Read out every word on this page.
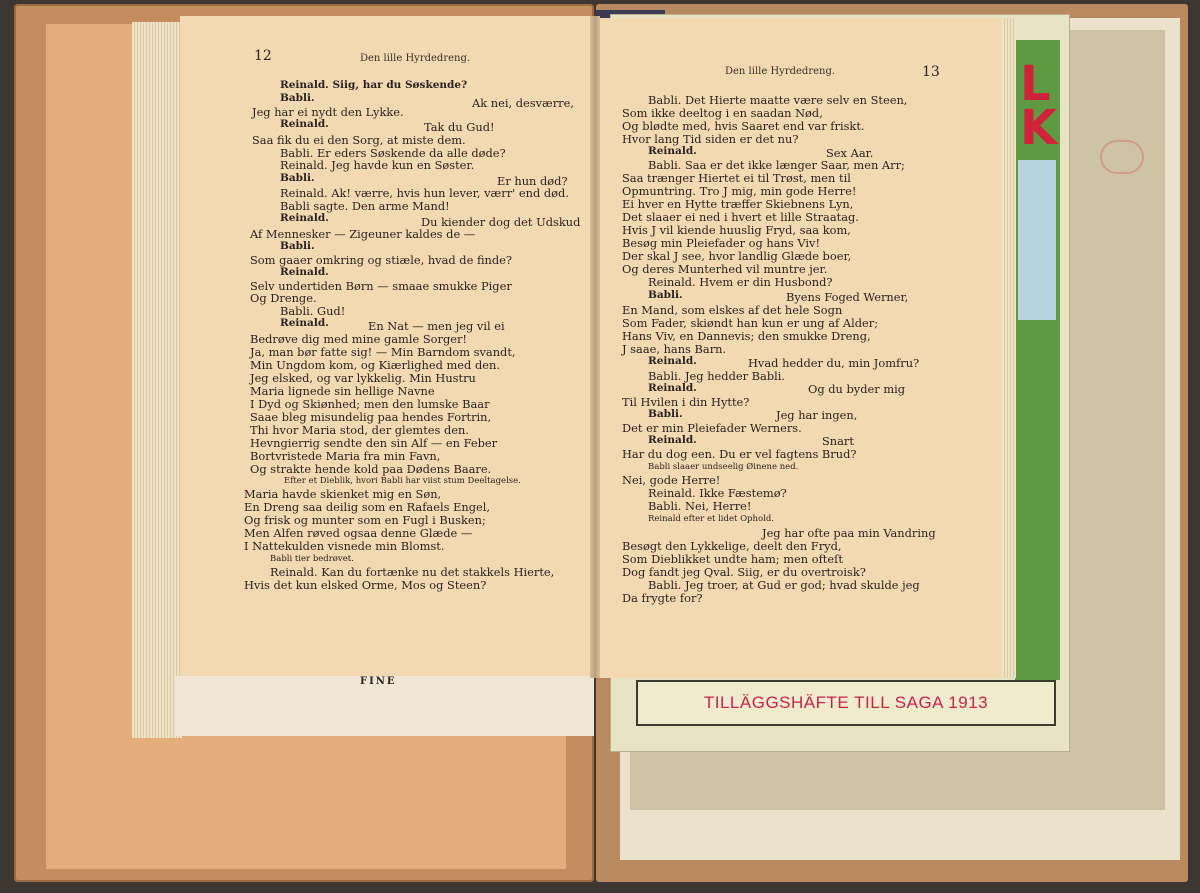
L
K
TILLÄGGSHÄFTE TILL SAGA 1913
12	Den lille Hyrdedreng.
Den lille Hyrdedreng.	13
FINE
Reinald. Siig, har du Søskende?
Babli.	Ak nei, desværre,
Jeg har ei nydt den Lykke.
Reinald.	Tak du Gud!
Saa fik du ei den Sorg, at miste dem.
Babli. Er eders Søskende da alle døde?
Reinald. Jeg havde kun en Søster.
Babli.	Er hun død?
Reinald. Ak! værre, hvis hun lever, værr' end død.
Babli sagte. Den arme Mand!
Reinald.	Du kiender dog det Udskud
Af Mennesker — Zigeuner kaldes de —
Babli.
Som gaaer omkring og stiæle, hvad de finde?
Reinald.
Selv undertiden Børn — smaae smukke Piger
Og Drenge.
Babli. Gud!
Reinald.	En Nat — men jeg vil ei
Bedrøve dig med mine gamle Sorger!
Ja, man bør fatte sig! — Min Barndom svandt,
Min Ungdom kom, og Kiærlighed med den.
Jeg elsked, og var lykkelig. Min Hustru
Maria lignede sin hellige Navne
I Dyd og Skiønhed; men den lumske Baar
Saae bleg misundelig paa hendes Fortrin,
Thi hvor Maria stod, der glemtes den.
Hevngierrig sendte den sin Alf — en Feber
Bortvristede Maria fra min Favn,
Og strakte hende kold paa Dødens Baare.
Efter et Dieblik, hvori Babli har viist stum Deeltagelse.
Maria havde skienket mig en Søn,
En Dreng saa deilig som en Rafaels Engel,
Og frisk og munter som en Fugl i Busken;
Men Alfen røved ogsaa denne Glæde —
I Nattekulden visnede min Blomst.
Babli tier bedrøvet.
Reinald. Kan du fortænke nu det stakkels Hierte,
Hvis det kun elsked Orme, Mos og Steen?
Babli. Det Hierte maatte være selv en Steen,
Som ikke deeltog i en saadan Nød,
Og blødte med, hvis Saaret end var friskt.
Hvor lang Tid siden er det nu?
Reinald.	Sex Aar.
Babli. Saa er det ikke længer Saar, men Arr;
Saa trænger Hiertet ei til Trøst, men til
Opmuntring. Tro J mig, min gode Herre!
Ei hver en Hytte træffer Skiebnens Lyn,
Det slaaer ei ned i hvert et lille Straatag.
Hvis J vil kiende huuslig Fryd, saa kom,
Besøg min Pleiefader og hans Viv!
Der skal J see, hvor landlig Glæde boer,
Og deres Munterhed vil muntre jer.
Reinald. Hvem er din Husbond?
Babli.	Byens Foged Werner,
En Mand, som elskes af det hele Sogn
Som Fader, skiøndt han kun er ung af Alder;
Hans Viv, en Dannevis; den smukke Dreng,
J saae, hans Barn.
Reinald.	Hvad hedder du, min Jomfru?
Babli. Jeg hedder Babli.
Reinald.	Og du byder mig
Til Hvilen i din Hytte?
Babli.	Jeg har ingen,
Det er min Pleiefader Werners.
Reinald.	Snart
Har du dog een. Du er vel fagtens Brud?
Babli slaaer undseelig Øinene ned.
Nei, gode Herre!
Reinald. Ikke Fæstemø?
Babli. Nei, Herre!
Reinald efter et lidet Ophold.
Jeg har ofte paa min Vandring
Besøgt den Lykkelige, deelt den Fryd,
Som Dieblikket undte ham; men ofteſt
Dog fandt jeg Qval. Siig, er du overtroisk?
Babli. Jeg troer, at Gud er god; hvad skulde jeg
Da frygte for?
